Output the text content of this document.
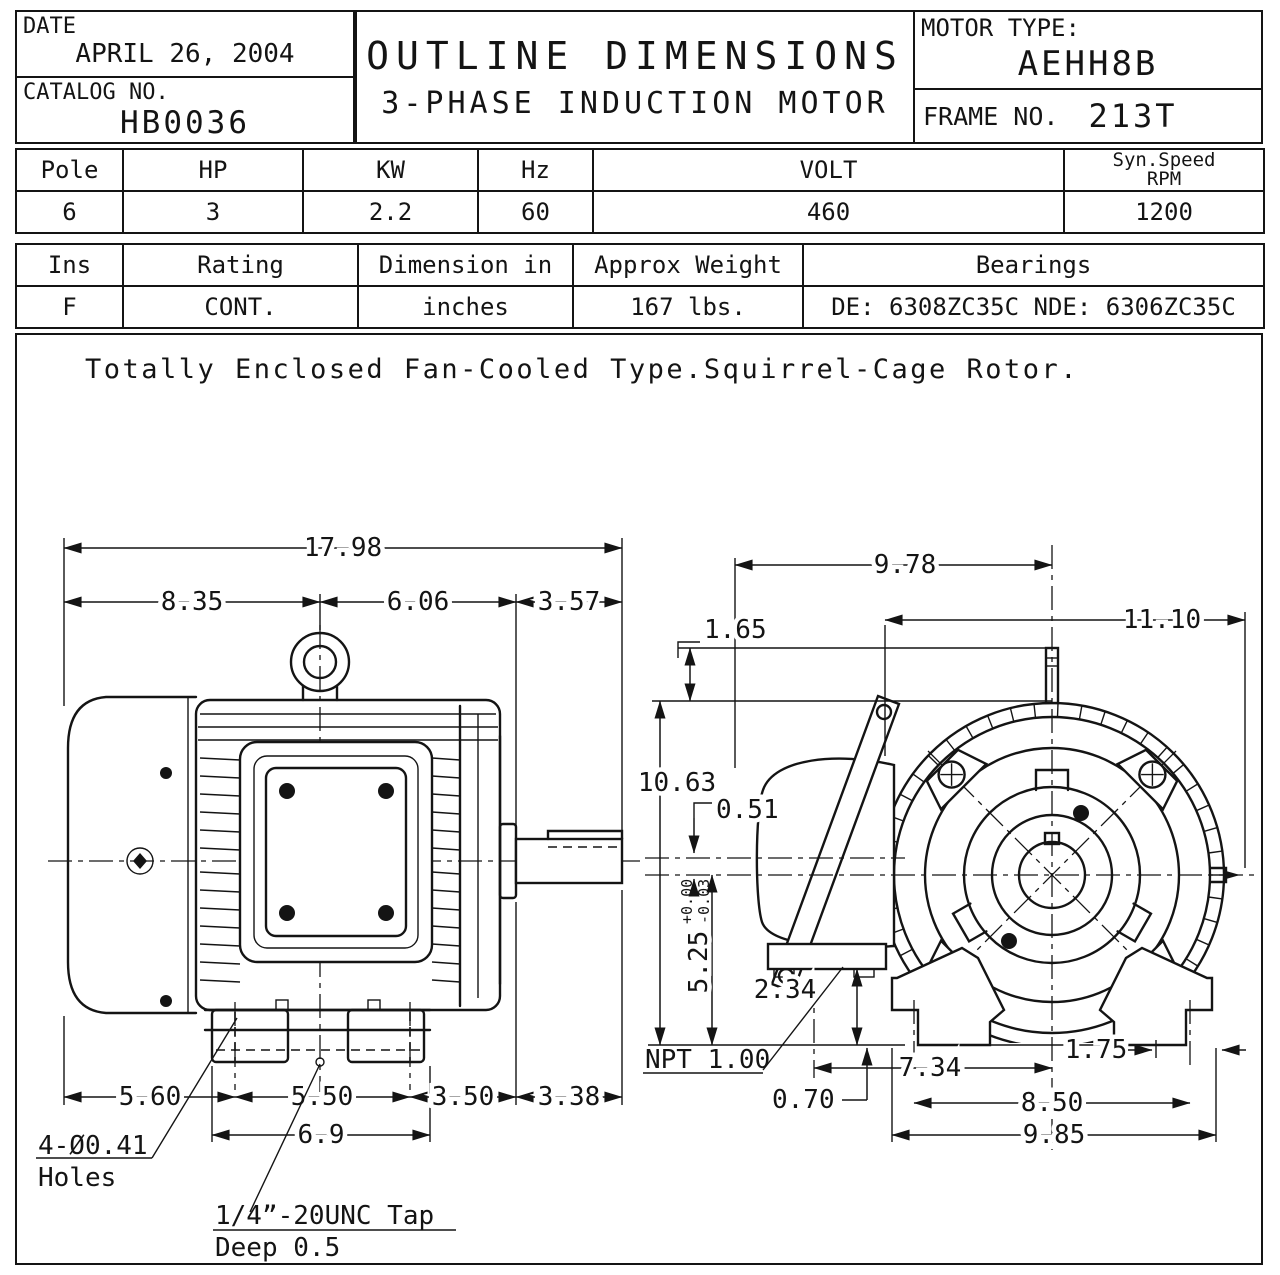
DATE
APRIL 26, 2004
CATALOG NO.
HB0036
OUTLINE DIMENSIONS
3-PHASE INDUCTION MOTOR
MOTOR TYPE:
AEHH8B
FRAME NO. 213T
Pole	HP	KW	Hz	VOLT	Syn.Speed
RPM

6	3	2.2	60	460	1200
Ins	Rating	Dimension in	Approx Weight	Bearings
F	CONT.	inches	167 lbs.	DE: 6308ZC35C NDE: 6306ZC35C
Totally Enclosed Fan-Cooled Type.Squirrel-Cage Rotor.
17.98
8.35	6.06	3.57
5.60	5.50	3.50 3.38
6.9
4-Ø0.41
Holes
1/4”-20UNC Tap
Deep 0.5
9.78
1.65	11.10
10.63
0.51
5.25
+0.00 -0.03
2.34
NPT 1.00
0.70
7.34
8.50
9.85
1.75
